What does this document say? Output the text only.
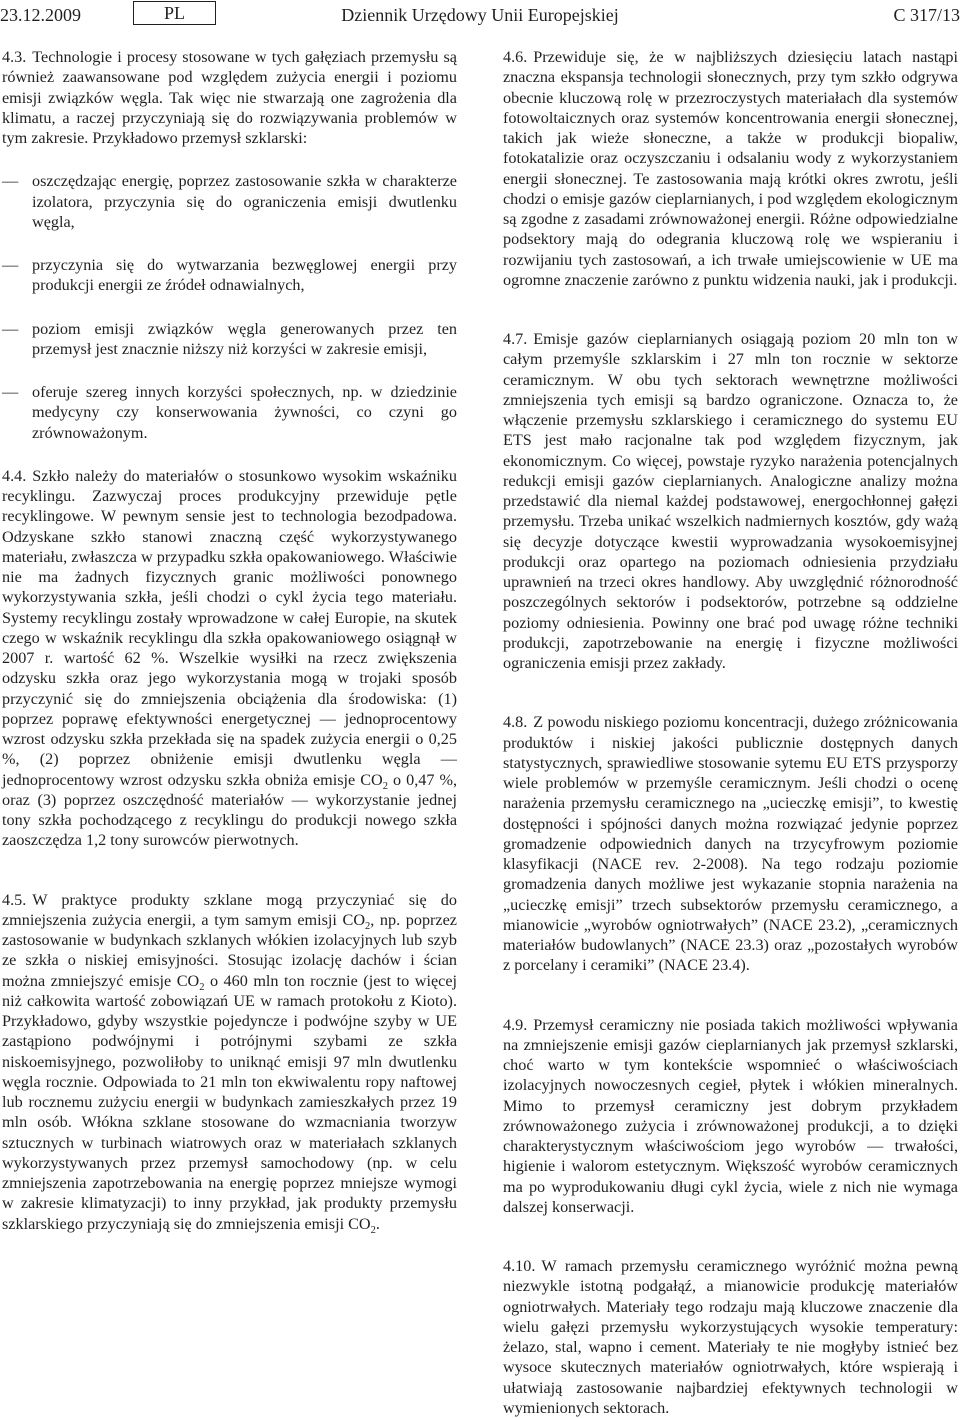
Dziennik Urzędowy Unii Europejskiej
23.12.2009	PL	C 317/13

4.3. Technologie i procesy stosowane w tych gałęziach przemysłu są również zaawansowane pod względem zużycia energii i poziomu emisji związków węgla. Tak więc nie stwarzają one zagrożenia dla klimatu, a raczej przyczyniają się do rozwiązywania problemów w tym zakresie. Przykładowo przemysł szklarski:

— oszczędzając energię, poprzez zastosowanie szkła w charakterze izolatora, przyczynia się do ograniczenia emisji dwutlenku węgla,
— przyczynia się do wytwarzania bezwęglowej energii przy produkcji energii ze źródeł odnawialnych,
— poziom emisji związków węgla generowanych przez ten przemysł jest znacznie niższy niż korzyści w zakresie emisji,
— oferuje szereg innych korzyści społecznych, np. w dziedzinie medycyny czy konserwowania żywności, co czyni go zrównoważonym.

4.4. Szkło należy do materiałów o stosunkowo wysokim wskaźniku recyklingu. Zazwyczaj proces produkcyjny przewiduje pętle recyklingowe. W pewnym sensie jest to technologia bezodpadowa. Odzyskane szkło stanowi znaczną część wykorzystywanego materiału, zwłaszcza w przypadku szkła opakowaniowego. Właściwie nie ma żadnych fizycznych granic możliwości ponownego wykorzystywania szkła, jeśli chodzi o cykl życia tego materiału. Systemy recyklingu zostały wprowadzone w całej Europie, na skutek czego w wskaźnik recyklingu dla szkła opakowaniowego osiągnął w 2007 r. wartość 62 %. Wszelkie wysiłki na rzecz zwiększenia odzysku szkła oraz jego wykorzystania mogą w trojaki sposób przyczynić się do zmniejszenia obciążenia dla środowiska: (1) poprzez poprawę efektywności energetycznej — jednoprocentowy wzrost odzysku szkła przekłada się na spadek zużycia energii o 0,25 %, (2) poprzez obniżenie emisji dwutlenku węgla — jednoprocentowy wzrost odzysku szkła obniża emisje $CO_2$ o 0,47 %, oraz (3) poprzez oszczędność materiałów — wykorzystanie jednej tony szkła pochodzącego z recyklingu do produkcji nowego szkła zaoszczędza 1,2 tony surowców pierwotnych.

4.5. W praktyce produkty szklane mogą przyczyniać się do zmniejszenia zużycia energii, a tym samym emisji $CO_2$, np. poprzez zastosowanie w budynkach szklanych włókien izolacyjnych lub szyb ze szkła o niskiej emisyjności. Stosując izolację dachów i ścian można zmniejszyć emisje $CO_2$ o 460 mln ton rocznie (jest to więcej niż całkowita wartość zobowiązań UE w ramach protokołu z Kioto). Przykładowo, gdyby wszystkie pojedyncze i podwójne szyby w UE zastąpiono podwójnymi i potrójnymi szybami ze szkła niskoemisyjnego, pozwoliłoby to uniknąć emisji 97 mln dwutlenku węgla rocznie. Odpowiada to 21 mln ton ekwiwalentu ropy naftowej lub rocznemu zużyciu energii w budynkach zamieszkałych przez 19 mln osób. Włókna szklane stosowane do wzmacniania tworzyw sztucznych w turbinach wiatrowych oraz w materiałach szklanych wykorzystywanych przez przemysł samochodowy (np. w celu zmniejszenia zapotrzebowania na energię poprzez mniejsze wymogi w zakresie klimatyzacji) to inny przykład, jak produkty przemysłu szklarskiego przyczyniają się do zmniejszenia emisji $CO_2$.

4.6. Przewiduje się, że w najbliższych dziesięciu latach nastąpi znaczna ekspansja technologii słonecznych, przy tym szkło odgrywa obecnie kluczową rolę w przezroczystych materiałach dla systemów fotowoltaicznych oraz systemów koncentrowania energii słonecznej, takich jak wieże słoneczne, a także w produkcji biopaliw, fotokatalizie oraz oczyszczaniu i odsalaniu wody z wykorzystaniem energii słonecznej. Te zastosowania mają krótki okres zwrotu, jeśli chodzi o emisje gazów cieplarnianych, i pod względem ekologicznym są zgodne z zasadami zrównoważonej energii. Różne odpowiedzialne podsektory mają do odegrania kluczową rolę we wspieraniu i rozwijaniu tych zastosowań, a ich trwałe umiejscowienie w UE ma ogromne znaczenie zarówno z punktu widzenia nauki, jak i produkcji.

4.7. Emisje gazów cieplarnianych osiągają poziom 20 mln ton w całym przemyśle szklarskim i 27 mln ton rocznie w sektorze ceramicznym. W obu tych sektorach wewnętrzne możliwości zmniejszenia tych emisji są bardzo ograniczone. Oznacza to, że włączenie przemysłu szklarskiego i ceramicznego do systemu EU ETS jest mało racjonalne tak pod względem fizycznym, jak ekonomicznym. Co więcej, powstaje ryzyko narażenia potencjalnych redukcji emisji gazów cieplarnianych. Analogiczne analizy można przedstawić dla niemal każdej podstawowej, energochłonnej gałęzi przemysłu. Trzeba unikać wszelkich nadmiernych kosztów, gdy ważą się decyzje dotyczące kwestii wyprowadzania wysokoemisyjnej produkcji oraz opartego na poziomach odniesienia przydziału uprawnień na trzeci okres handlowy. Aby uwzględnić różnorodność poszczególnych sektorów i podsektorów, potrzebne są oddzielne poziomy odniesienia. Powinny one brać pod uwagę różne techniki produkcji, zapotrzebowanie na energię i fizyczne możliwości ograniczenia emisji przez zakłady.

4.8. Z powodu niskiego poziomu koncentracji, dużego zróżnicowania produktów i niskiej jakości publicznie dostępnych danych statystycznych, sprawiedliwe stosowanie sytemu EU ETS przysporzy wiele problemów w przemyśle ceramicznym. Jeśli chodzi o ocenę narażenia przemysłu ceramicznego na „ucieczkę emisji”, to kwestię dostępności i spójności danych można rozwiązać jedynie poprzez gromadzenie odpowiednich danych na trzycyfrowym poziomie klasyfikacji (NACE rev. 2-2008). Na tego rodzaju poziomie gromadzenia danych możliwe jest wykazanie stopnia narażenia na „ucieczkę emisji” trzech subsektorów przemysłu ceramicznego, a mianowicie „wyrobów ogniotrwałych” (NACE 23.2), „ceramicznych materiałów budowlanych” (NACE 23.3) oraz „pozostałych wyrobów z porcelany i ceramiki” (NACE 23.4).

4.9. Przemysł ceramiczny nie posiada takich możliwości wpływania na zmniejszenie emisji gazów cieplarnianych jak przemysł szklarski, choć warto w tym kontekście wspomnieć o właściwościach izolacyjnych nowoczesnych cegieł, płytek i włókien mineralnych. Mimo to przemysł ceramiczny jest dobrym przykładem zrównoważonego zużycia i zrównoważonej produkcji, a to dzięki charakterystycznym właściwościom jego wyrobów — trwałości, higienie i walorom estetycznym. Większość wyrobów ceramicznych ma po wyprodukowaniu długi cykl życia, wiele z nich nie wymaga dalszej konserwacji.

4.10. W ramach przemysłu ceramicznego wyróżnić można pewną niezwykle istotną podgałąź, a mianowicie produkcję materiałów ogniotrwałych. Materiały tego rodzaju mają kluczowe znaczenie dla wielu gałęzi przemysłu wykorzystujących wysokie temperatury: żelazo, stal, wapno i cement. Materiały te nie mogłyby istnieć bez wysoce skutecznych materiałów ogniotrwałych, które wspierają i ułatwiają zastosowanie najbardziej efektywnych technologii w wymienionych sektorach.
